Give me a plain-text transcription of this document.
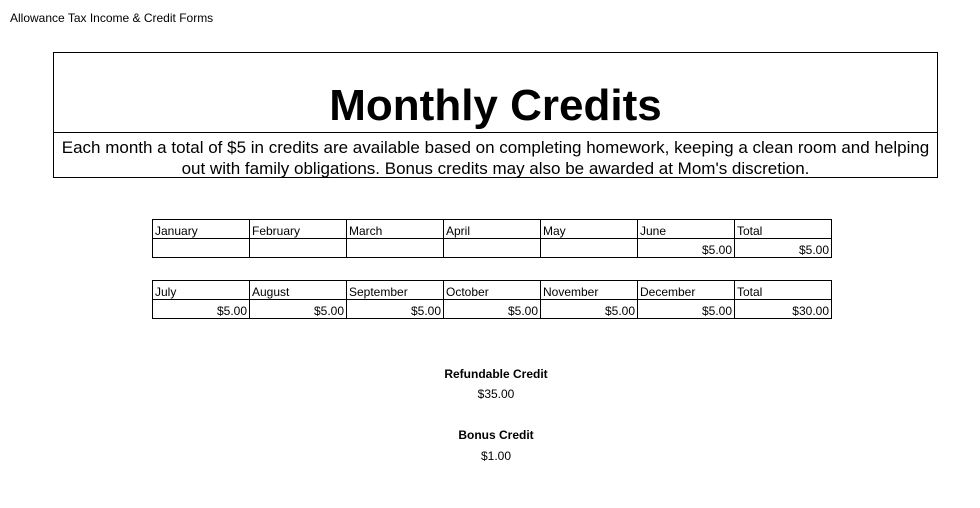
Allowance Tax Income & Credit Forms
Monthly Credits
Each month a total of $5 in credits are available based on completing homework, keeping a clean room and helping out with family obligations. Bonus credits may also be awarded at Mom's discretion.
January	February	March	April	May	June	Total
					$5.00	$5.00
July	August	September	October	November	December	Total
$5.00	$5.00	$5.00	$5.00	$5.00	$5.00	$30.00
Refundable Credit
$35.00
Bonus Credit
$1.00
